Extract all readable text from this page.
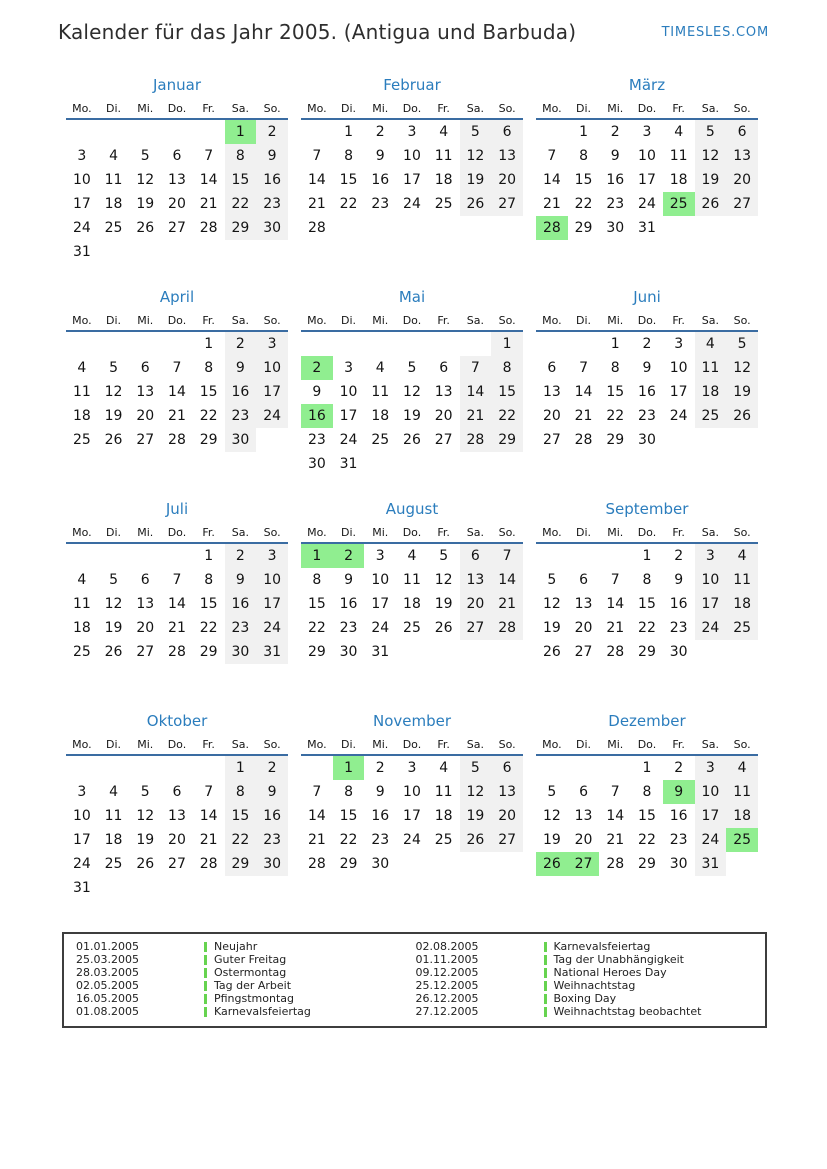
Kalender für das Jahr 2005. (Antigua und Barbuda)	TIMESLES.COM
Januar
Mo.	Di.	Mi.	Do.	Fr.	Sa.	So.
					1	2
3	4	5	6	7	8	9
10	11	12	13	14	15	16
17	18	19	20	21	22	23
24	25	26	27	28	29	30
31						
Februar
Mo.	Di.	Mi.	Do.	Fr.	Sa.	So.
	1	2	3	4	5	6
7	8	9	10	11	12	13
14	15	16	17	18	19	20
21	22	23	24	25	26	27
28						

März
Mo.	Di.	Mi.	Do.	Fr.	Sa.	So.
	1	2	3	4	5	6
7	8	9	10	11	12	13
14	15	16	17	18	19	20
21	22	23	24	25	26	27
28	29	30	31			

April
Mo.	Di.	Mi.	Do.	Fr.	Sa.	So.
				1	2	3
4	5	6	7	8	9	10
11	12	13	14	15	16	17
18	19	20	21	22	23	24
25	26	27	28	29	30	

Mai
Mo.	Di.	Mi.	Do.	Fr.	Sa.	So.
						1
2	3	4	5	6	7	8
9	10	11	12	13	14	15
16	17	18	19	20	21	22
23	24	25	26	27	28	29
30	31					
Juni
Mo.	Di.	Mi.	Do.	Fr.	Sa.	So.
		1	2	3	4	5
6	7	8	9	10	11	12
13	14	15	16	17	18	19
20	21	22	23	24	25	26
27	28	29	30			

Juli
Mo.	Di.	Mi.	Do.	Fr.	Sa.	So.
				1	2	3
4	5	6	7	8	9	10
11	12	13	14	15	16	17
18	19	20	21	22	23	24
25	26	27	28	29	30	31

August
Mo.	Di.	Mi.	Do.	Fr.	Sa.	So.
1	2	3	4	5	6	7
8	9	10	11	12	13	14
15	16	17	18	19	20	21
22	23	24	25	26	27	28
29	30	31				

September
Mo.	Di.	Mi.	Do.	Fr.	Sa.	So.
			1	2	3	4
5	6	7	8	9	10	11
12	13	14	15	16	17	18
19	20	21	22	23	24	25
26	27	28	29	30		

Oktober
Mo.	Di.	Mi.	Do.	Fr.	Sa.	So.
					1	2
3	4	5	6	7	8	9
10	11	12	13	14	15	16
17	18	19	20	21	22	23
24	25	26	27	28	29	30
31						
November
Mo.	Di.	Mi.	Do.	Fr.	Sa.	So.
	1	2	3	4	5	6
7	8	9	10	11	12	13
14	15	16	17	18	19	20
21	22	23	24	25	26	27
28	29	30				

Dezember
Mo.	Di.	Mi.	Do.	Fr.	Sa.	So.
			1	2	3	4
5	6	7	8	9	10	11
12	13	14	15	16	17	18
19	20	21	22	23	24	25
26	27	28	29	30	31	

01.01.2005	Neujahr
25.03.2005	Guter Freitag
28.03.2005	Ostermontag
02.05.2005	Tag der Arbeit
16.05.2005	Pfingstmontag
01.08.2005	Karnevalsfeiertag
02.08.2005	Karnevalsfeiertag
01.11.2005	Tag der Unabhängigkeit
09.12.2005	National Heroes Day
25.12.2005	Weihnachtstag
26.12.2005	Boxing Day
27.12.2005	Weihnachtstag beobachtet
